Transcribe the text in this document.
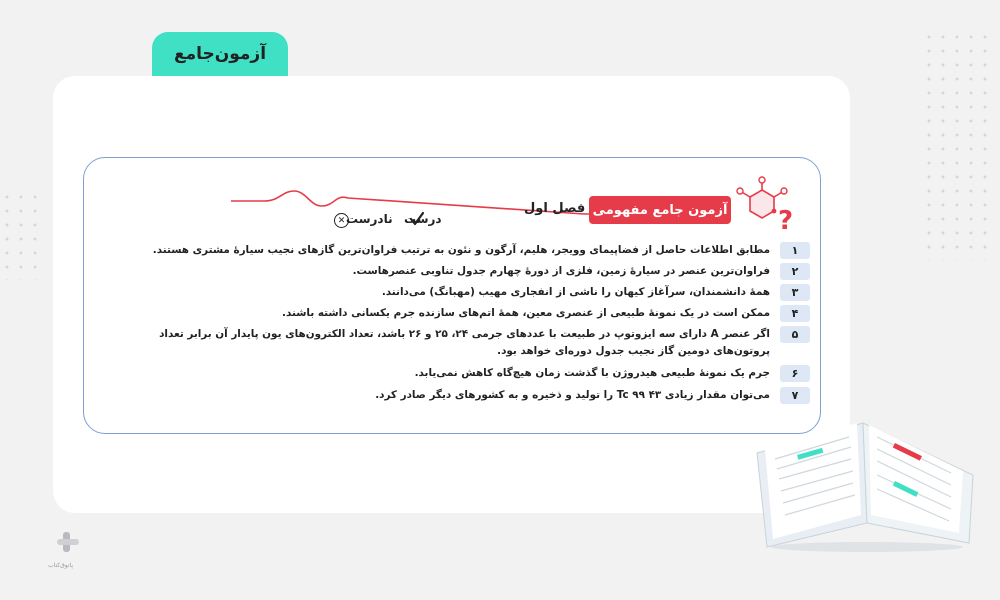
آزمون‌جامع
آزمون جامع مفهومی
فصل اول
درست
✕ نادرست	?
۱
مطابق اطلاعات حاصل از فضاپیمای وویجر، هلیم، آرگون و نئون به ترتیب فراوان‌ترین گازهای نجیب سیارهٔ مشتری هستند.
۲
فراوان‌ترین عنصر در سیارهٔ زمین، فلزی از دورهٔ چهارم جدول تناوبی عنصرهاست.
۳
همهٔ دانشمندان، سرآغاز کیهان را ناشی از انفجاری مهیب (مهبانگ) می‌دانند.
۴
ممکن است در یک نمونهٔ طبیعی از عنصری معین، همهٔ اتم‌های سازنده جرم یکسانی داشته باشند.
۵
اگر عنصر A دارای سه ایزوتوپ در طبیعت با عددهای جرمی ۲۴، ۲۵ و ۲۶ باشد، تعداد الکترون‌های یون پایدار آن برابر تعداد پروتون‌های دومین گاز نجیب جدول دوره‌ای خواهد بود.
۶
جرم یک نمونهٔ طبیعی هیدروژن با گذشت زمان هیچ‌گاه کاهش نمی‌یابد.
۷
می‌توان مقدار زیادی Tc ۹۹ ۴۳ را تولید و ذخیره و به کشورهای دیگر صادر کرد.
پاتوق‌کتاب
